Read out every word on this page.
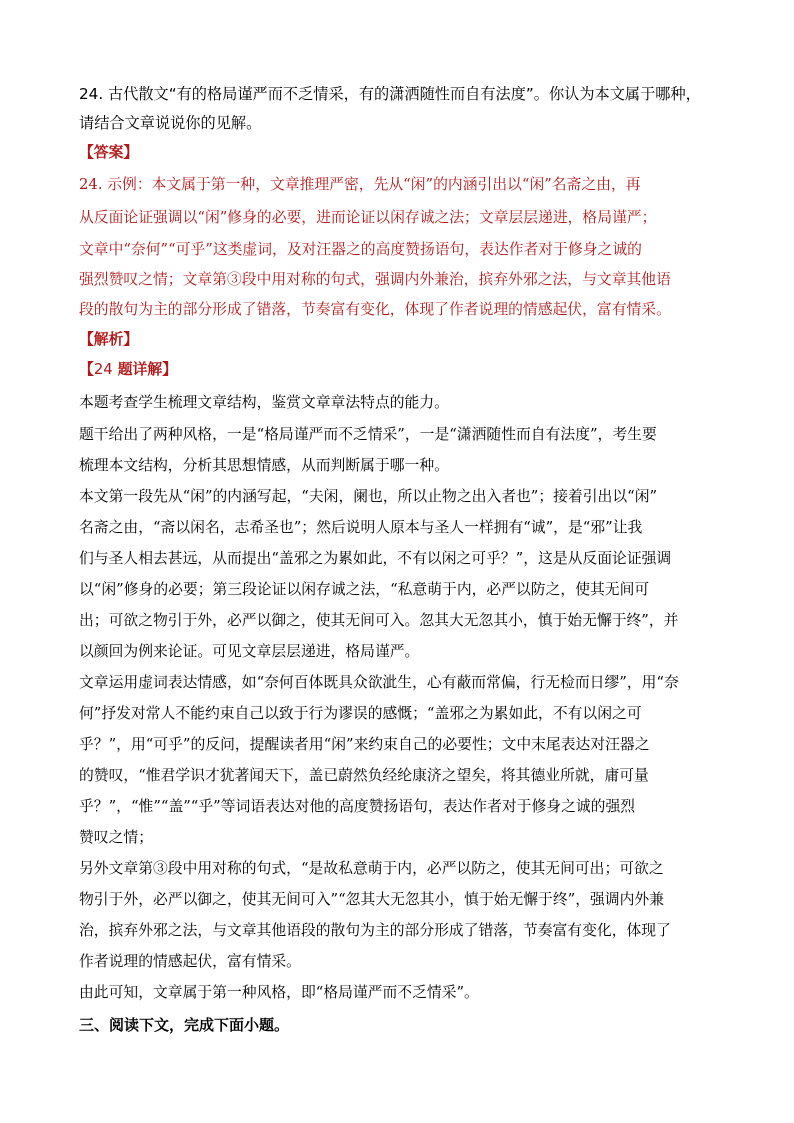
24. 古代散文“有的格局谨严而不乏情采，有的潇洒随性而自有法度”。你认为本文属于哪种，
请结合文章说说你的见解。
【答案】
24. 示例：本文属于第一种，文章推理严密，先从“闲”的内涵引出以“闲”名斋之由，再
从反面论证强调以“闲”修身的必要，进而论证以闲存诚之法；文章层层递进，格局谨严；
文章中“奈何”“可乎”这类虚词，及对汪器之的高度赞扬语句，表达作者对于修身之诚的
强烈赞叹之情；文章第③段中用对称的句式，强调内外兼治，摈弃外邪之法，与文章其他语
段的散句为主的部分形成了错落，节奏富有变化，体现了作者说理的情感起伏，富有情采。
【解析】
【24 题详解】
本题考查学生梳理文章结构，鉴赏文章章法特点的能力。
题干给出了两种风格，一是“格局谨严而不乏情采”，一是“潇洒随性而自有法度”，考生要
梳理本文结构，分析其思想情感，从而判断属于哪一种。
本文第一段先从“闲”的内涵写起，“夫闲，阑也，所以止物之出入者也”；接着引出以“闲”
名斋之由，“斋以闲名，志希圣也”；然后说明人原本与圣人一样拥有“诚”，是“邪”让我
们与圣人相去甚远，从而提出“盖邪之为累如此，不有以闲之可乎？”，这是从反面论证强调
以“闲”修身的必要；第三段论证以闲存诚之法，“私意萌于内，必严以防之，使其无间可
出；可欲之物引于外，必严以御之，使其无间可入。忽其大无忽其小，慎于始无懈于终”，并
以颜回为例来论证。可见文章层层递进，格局谨严。
文章运用虚词表达情感，如“奈何百体既具众欲泚生，心有蔽而常偏，行无检而日缪”，用“奈
何”抒发对常人不能约束自己以致于行为谬误的感慨；“盖邪之为累如此，不有以闲之可
乎？”，用“可乎”的反问，提醒读者用“闲”来约束自己的必要性；文中末尾表达对汪器之
的赞叹，“惟君学识才犹著闻天下，盖已蔚然负经纶康济之望矣，将其德业所就，庸可量
乎？”，“惟”“盖”“乎”等词语表达对他的高度赞扬语句，表达作者对于修身之诚的强烈
赞叹之情；
另外文章第③段中用对称的句式，“是故私意萌于内，必严以防之，使其无间可出；可欲之
物引于外，必严以御之，使其无间可入”“忽其大无忽其小，慎于始无懈于终”，强调内外兼
治，摈弃外邪之法，与文章其他语段的散句为主的部分形成了错落，节奏富有变化，体现了
作者说理的情感起伏，富有情采。
由此可知，文章属于第一种风格，即“格局谨严而不乏情采”。
三、阅读下文，完成下面小题。
